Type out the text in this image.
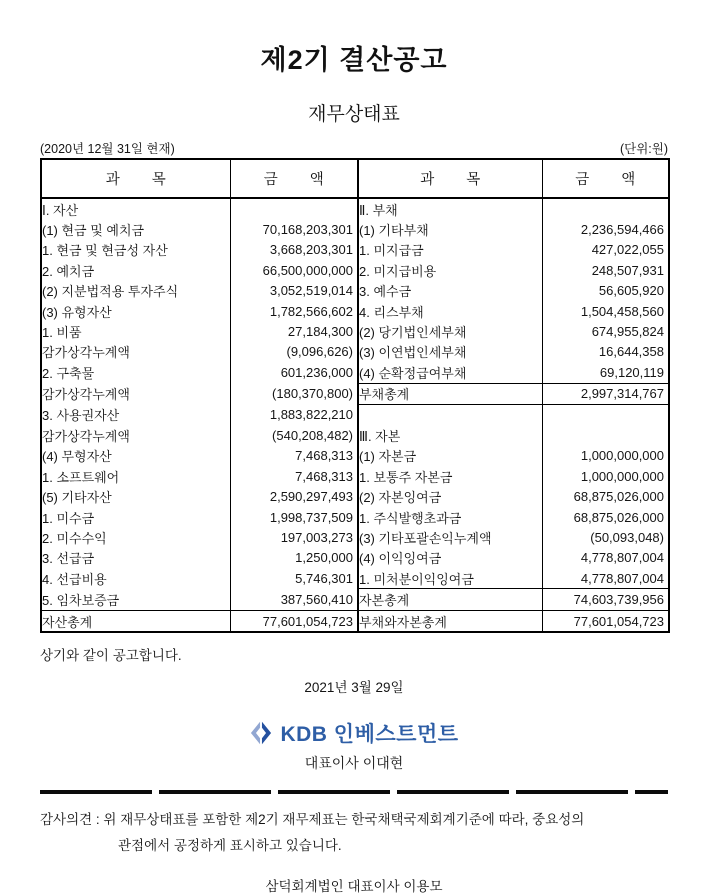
제2기 결산공고
재무상태표
(2020년 12월 31일 현재)	(단위:원)
과 목	금 액	과 목	금 액
Ⅰ. 자산		Ⅱ. 부채	
(1) 현금 및 예치금	70,168,203,301	(1) 기타부채	2,236,594,466
1. 현금 및 현금성 자산	3,668,203,301	1. 미지급금	427,022,055
2. 예치금	66,500,000,000	2. 미지급비용	248,507,931
(2) 지분법적용 투자주식	3,052,519,014	3. 예수금	56,605,920
(3) 유형자산	1,782,566,602	4. 리스부채	1,504,458,560
1. 비품	27,184,300	(2) 당기법인세부채	674,955,824
감가상각누계액	(9,096,626)	(3) 이연법인세부채	16,644,358
2. 구축물	601,236,000	(4) 순확정급여부채	69,120,119
감가상각누계액	(180,370,800)	부채총계	2,997,314,767
3. 사용권자산	1,883,822,210		
감가상각누계액	(540,208,482)	Ⅲ. 자본	
(4) 무형자산	7,468,313	(1) 자본금	1,000,000,000
1. 소프트웨어	7,468,313	1. 보통주 자본금	1,000,000,000
(5) 기타자산	2,590,297,493	(2) 자본잉여금	68,875,026,000
1. 미수금	1,998,737,509	1. 주식발행초과금	68,875,026,000
2. 미수수익	197,003,273	(3) 기타포괄손익누계액	(50,093,048)
3. 선급금	1,250,000	(4) 이익잉여금	4,778,807,004
4. 선급비용	5,746,301	1. 미처분이익잉여금	4,778,807,004
5. 임차보증금	387,560,410	자본총계	74,603,739,956
자산총계	77,601,054,723	부채와자본총계	77,601,054,723

상기와 같이 공고합니다.

2021년 3월 29일

KDB 인베스트먼트

대표이사 이대현

감사의견 : 위 재무상태표를 포함한 제2기 재무제표는 한국채택국제회계기준에 따라, 중요성의
관점에서 공정하게 표시하고 있습니다.

삼덕회계법인 대표이사 이용모
